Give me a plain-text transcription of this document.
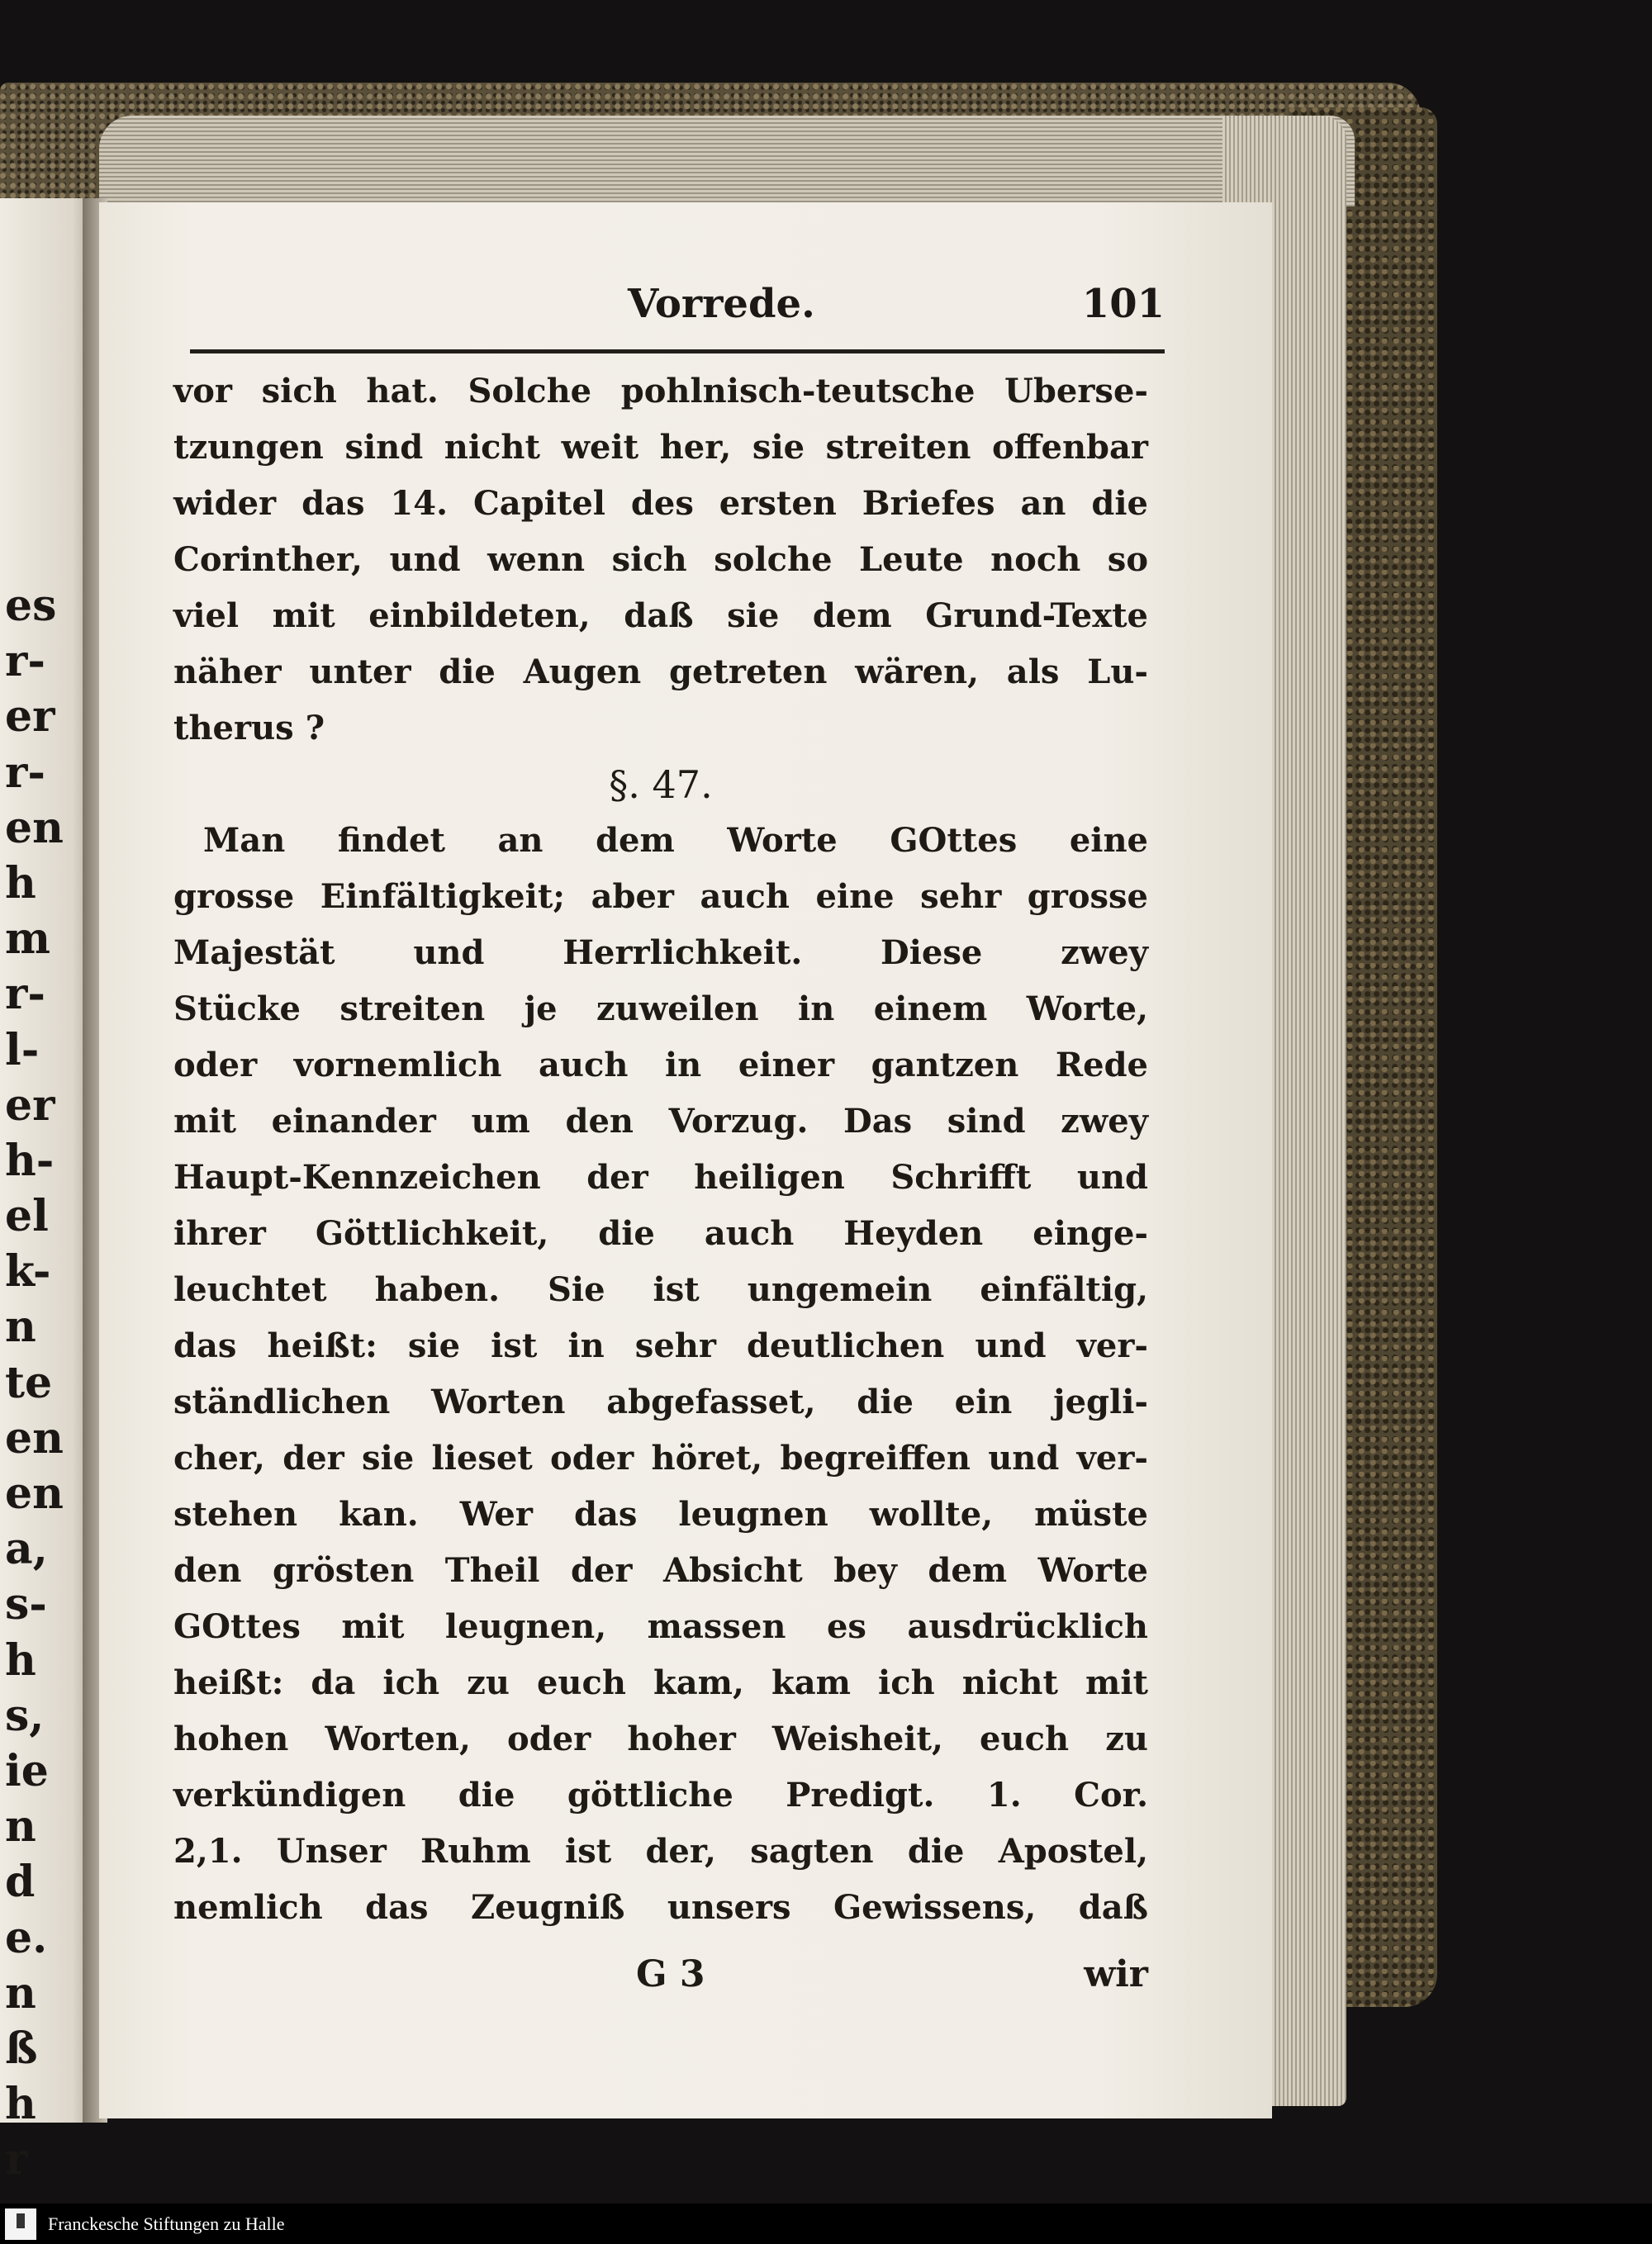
es
r-
er
r-
en
h
m
r-
l-
er
h-
el
k-
n
te
en
en
a,
s-
h
s,
ie
n
d
e.
n
ß
h
r
Vorrede.	101
vor sich hat. Solche pohlnisch-teutsche Uberse-
tzungen sind nicht weit her, sie streiten offenbar
wider das 14. Capitel des ersten Briefes an die
Corinther, und wenn sich solche Leute noch so
viel mit einbildeten, daß sie dem Grund-Texte
näher unter die Augen getreten wären, als Lu-
therus ?
§. 47.
Man findet an dem Worte GOttes eine
grosse Einfältigkeit; aber auch eine sehr grosse
Majestät und Herrlichkeit. Diese zwey
Stücke streiten je zuweilen in einem Worte,
oder vornemlich auch in einer gantzen Rede
mit einander um den Vorzug. Das sind zwey
Haupt-Kennzeichen der heiligen Schrifft und
ihrer Göttlichkeit, die auch Heyden einge-
leuchtet haben. Sie ist ungemein einfältig,
das heißt: sie ist in sehr deutlichen und ver-
ständlichen Worten abgefasset, die ein jegli-
cher, der sie lieset oder höret, begreiffen und ver-
stehen kan. Wer das leugnen wollte, müste
den grösten Theil der Absicht bey dem Worte
GOttes mit leugnen, massen es ausdrücklich
heißt: da ich zu euch kam, kam ich nicht mit
hohen Worten, oder hoher Weisheit, euch zu
verkündigen die göttliche Predigt. 1. Cor.
2,1. Unser Ruhm ist der, sagten die Apostel,
nemlich das Zeugniß unsers Gewissens, daß
G 3	wir
Franckesche Stiftungen zu Halle
